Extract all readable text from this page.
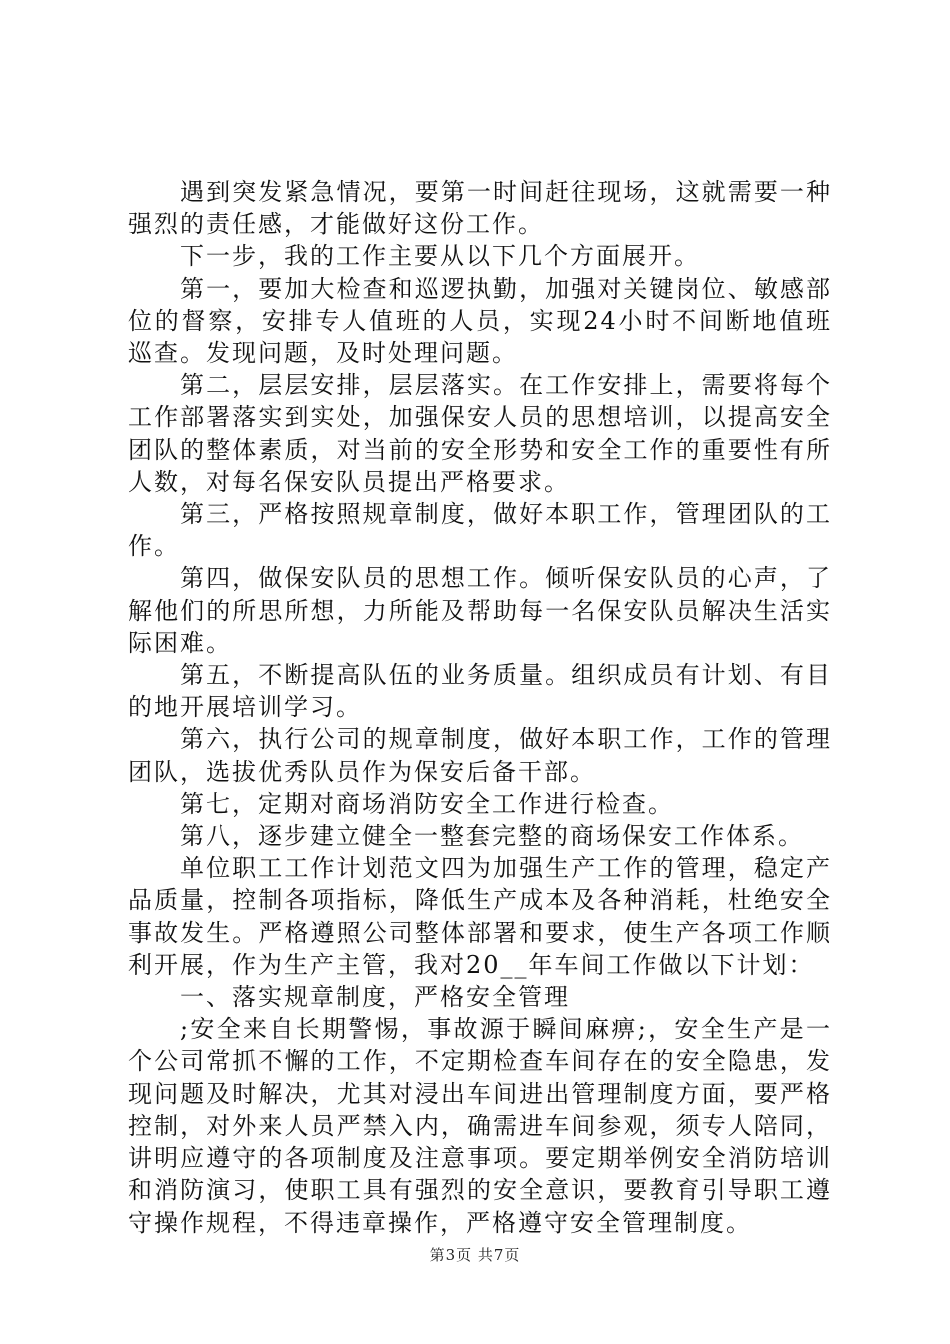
遇到突发紧急情况，要第一时间赶往现场，这就需要一种强烈的责任感，才能做好这份工作。

下一步，我的工作主要从以下几个方面展开。

第一，要加大检查和巡逻执勤，加强对关键岗位、敏感部位的督察，安排专人值班的人员，实现24小时不间断地值班巡查。发现问题，及时处理问题。

第二，层层安排，层层落实。在工作安排上，需要将每个工作部署落实到实处，加强保安人员的思想培训，以提高安全团队的整体素质，对当前的安全形势和安全工作的重要性有所人数，对每名保安队员提出严格要求。

第三，严格按照规章制度，做好本职工作，管理团队的工作。

第四，做保安队员的思想工作。倾听保安队员的心声，了解他们的所思所想，力所能及帮助每一名保安队员解决生活实际困难。

第五，不断提高队伍的业务质量。组织成员有计划、有目的地开展培训学习。

第六，执行公司的规章制度，做好本职工作，工作的管理团队，选拔优秀队员作为保安后备干部。

第七，定期对商场消防安全工作进行检查。

第八，逐步建立健全一整套完整的商场保安工作体系。

单位职工工作计划范文四为加强生产工作的管理，稳定产品质量，控制各项指标，降低生产成本及各种消耗，杜绝安全事故发生。严格遵照公司整体部署和要求，使生产各项工作顺利开展，作为生产主管，我对20__年车间工作做以下计划：

一、落实规章制度，严格安全管理

;安全来自长期警惕，事故源于瞬间麻痹;，安全生产是一个公司常抓不懈的工作，不定期检查车间存在的安全隐患，发现问题及时解决，尤其对浸出车间进出管理制度方面，要严格控制，对外来人员严禁入内，确需进车间参观，须专人陪同，讲明应遵守的各项制度及注意事项。要定期举例安全消防培训和消防演习，使职工具有强烈的安全意识，要教育引导职工遵守操作规程，不得违章操作，严格遵守安全管理制度。

第3页 共7页
